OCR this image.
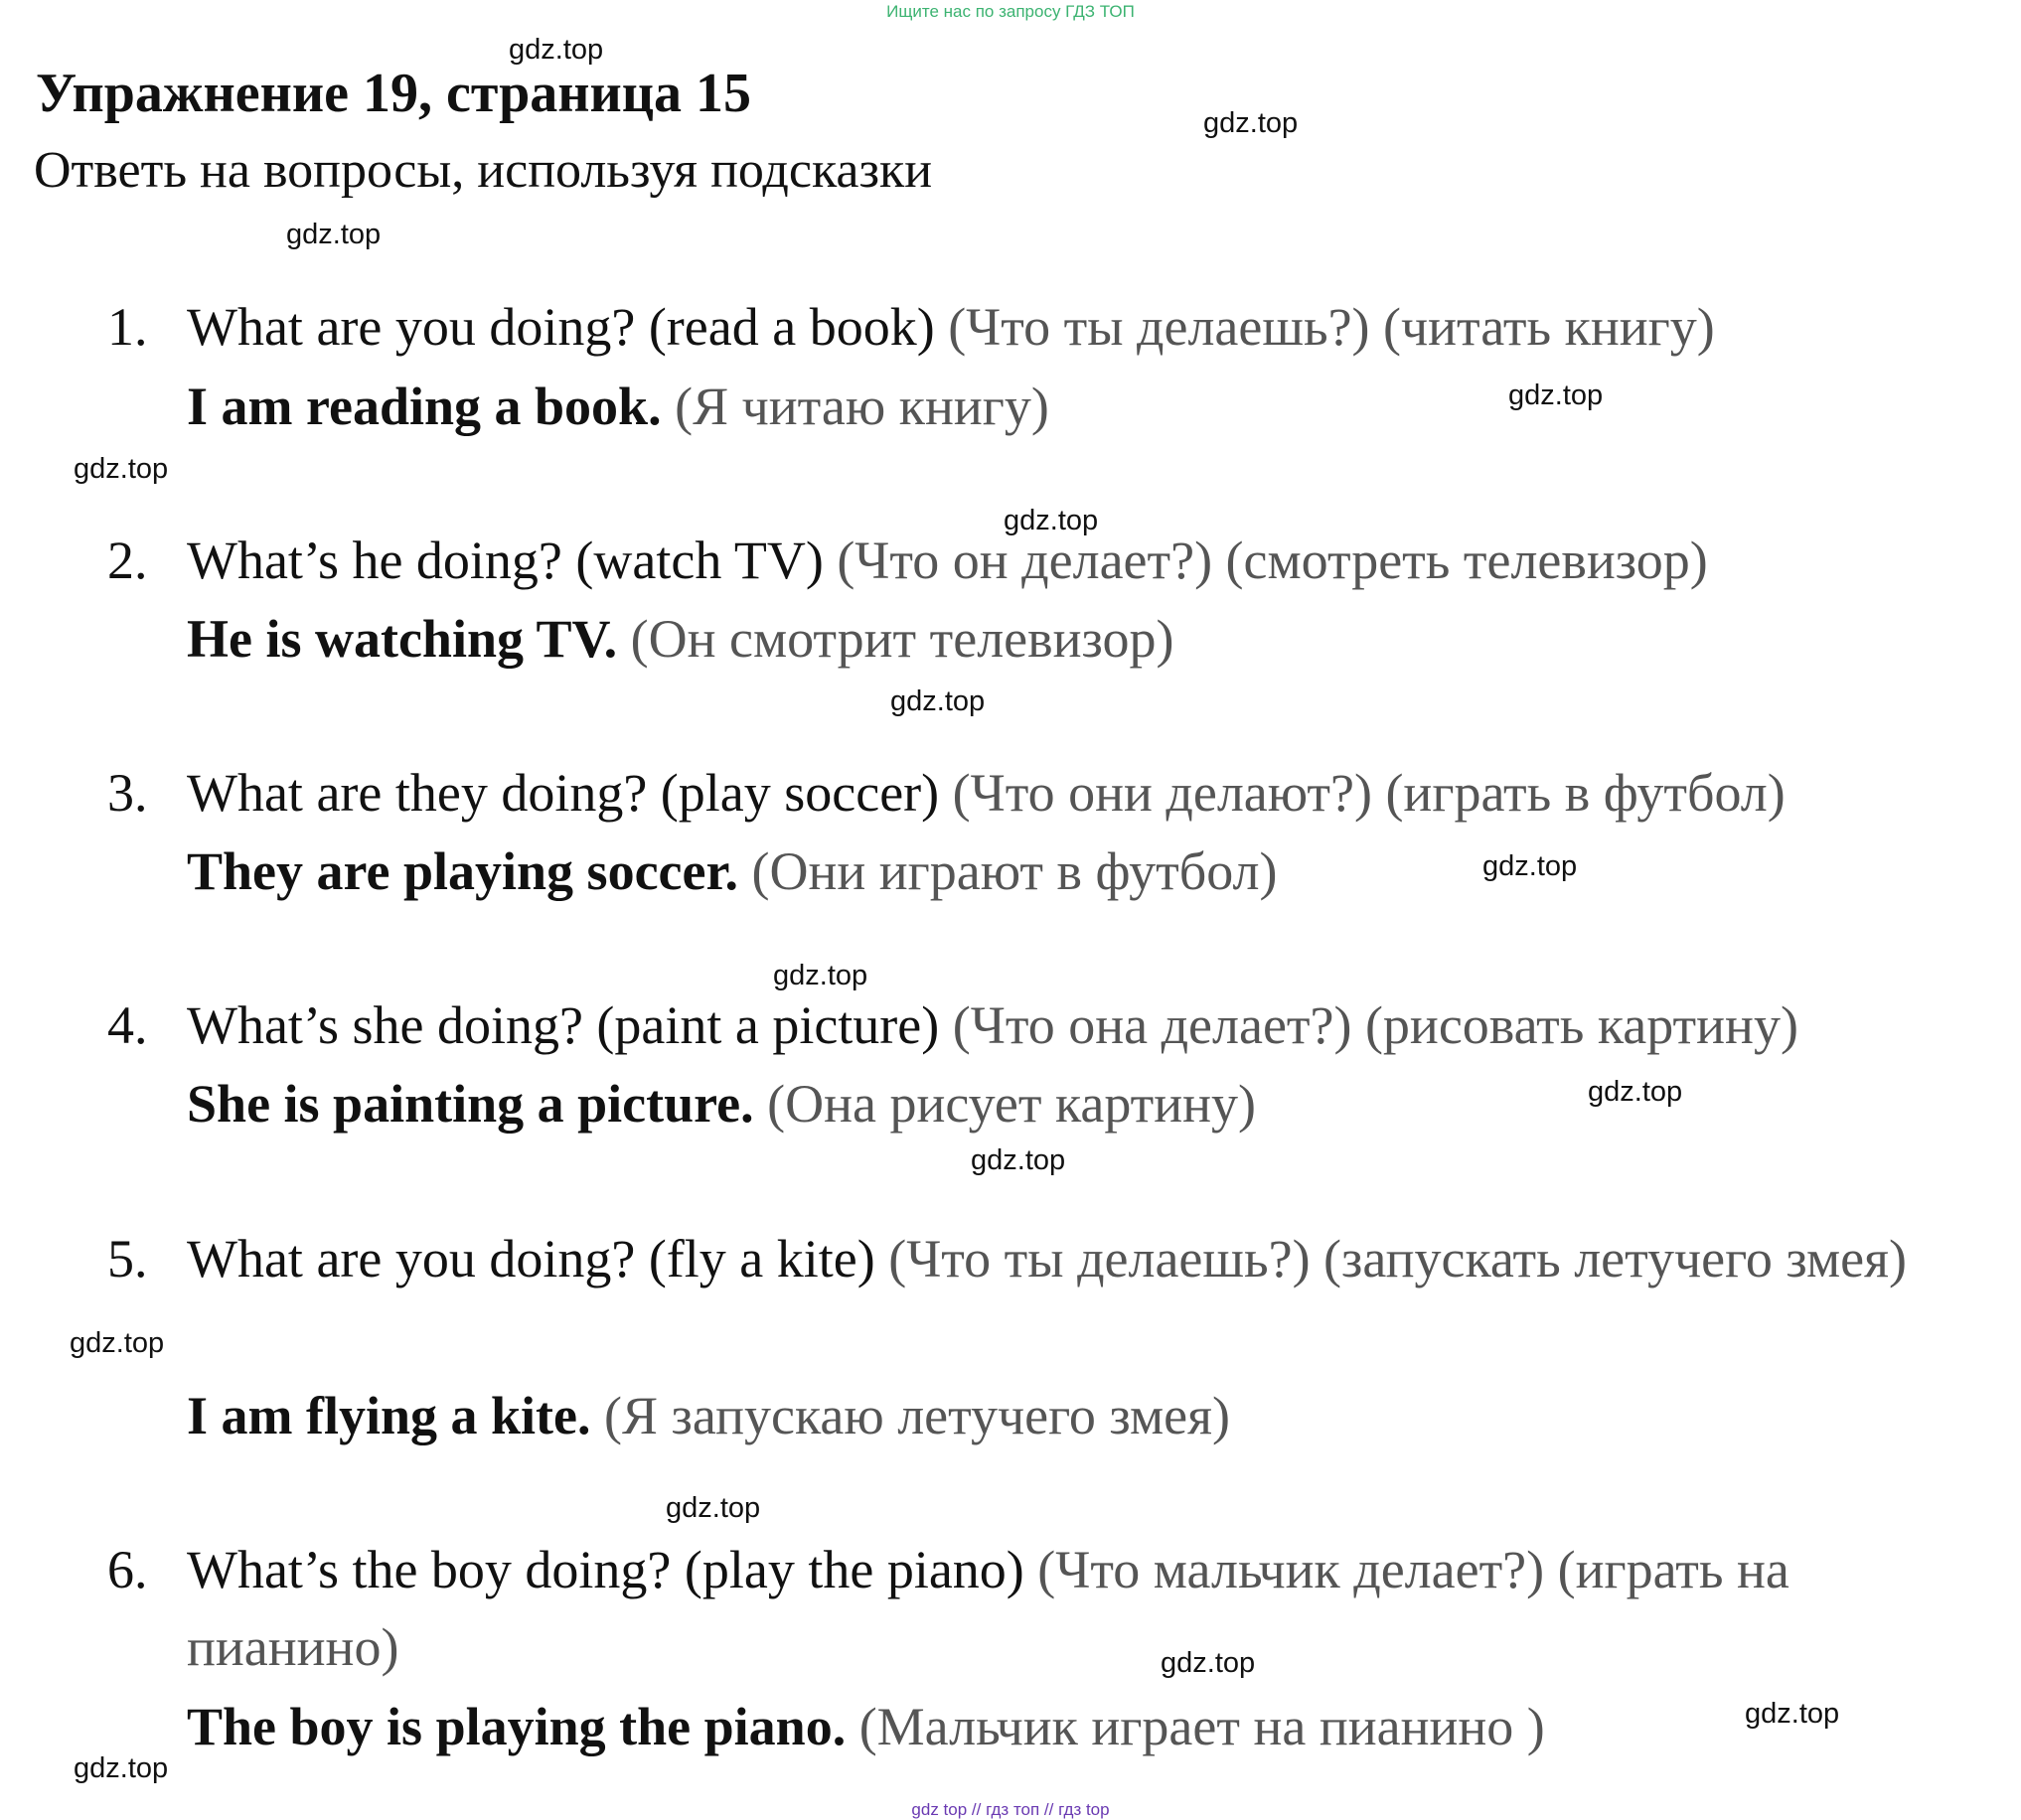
Ищите нас по запросу ГДЗ ТОП
Упражнение 19, страница 15

Ответь на вопросы, используя подсказки

1. What are you doing? (read a book) (Что ты делаешь?) (читать книгу)

I am reading a book. (Я читаю книгу)

2. What’s he doing? (watch TV) (Что он делает?) (смотреть телевизор)

He is watching TV. (Он смотрит телевизор)

3. What are they doing? (play soccer) (Что они делают?) (играть в футбол)

They are playing soccer. (Они играют в футбол)

4. What’s she doing? (paint a picture) (Что она делает?) (рисовать картину)

She is painting a picture. (Она рисует картину)

5. What are you doing? (fly a kite) (Что ты делаешь?) (запускать летучего змея)

I am flying a kite. (Я запускаю летучего змея)

6. What’s the boy doing? (play the piano) (Что мальчик делает?) (играть на пианино)

The boy is playing the piano. (Мальчик играет на пианино )

gdz.top
gdz.top
gdz.top
gdz.top
gdz.top
gdz.top
gdz.top
gdz.top
gdz.top
gdz.top
gdz.top
gdz.top
gdz.top
gdz.top
gdz.top
gdz.top
gdz top // гдз топ // гдз top
